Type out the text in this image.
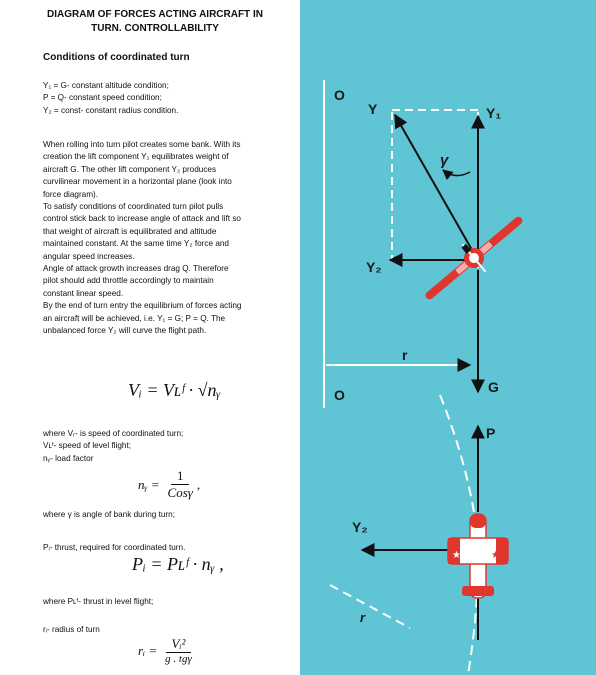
DIAGRAM OF FORCES ACTING AIRCRAFT IN
TURN. CONTROLLABILITY
Conditions of coordinated turn
Y₁ = G- constant altitude condition;
P = Q- constant speed condition;
Y₂ = const- constant radius condition.
When rolling into turn pilot creates some bank. With its
creation the lift component Y₁ equilibrates weight of
aircraft G. The other lift component Y₂ produces
curvilinear movement in a horizontal plane (look into
force diagram).
To satisfy conditions of coordinated turn pilot pulls
control stick back to increase angle of attack and lift so
that weight of aircraft is equilibrated and altitude
maintained constant. At the same time Y₂ force and
angular speed increases.
Angle of attack growth increases drag Q. Therefore
pilot should add throttle accordingly to maintain
constant linear speed.
By the end of turn entry the equilibrium of forces acting
an aircraft will be achieved, i.e. Y₁ = G; P = Q. The
unbalanced force Y₂ will curve the flight path.
Vᵢ = Vʟᶠ · √nᵧ
where Vᵣ- is speed of coordinated turn;
Vʟᶠ- speed of level flight;
nᵧ- load factor
nᵧ =
1
Cosγ
,
where γ is angle of bank during turn;
Pᵢ- thrust, required for coordinated turn.
Pᵢ = Pʟᶠ · nᵧ ,
where Pʟᶠ- thrust in level flight;
rᵢ- radius of turn
rᵢ =	Vᵢ²
g . tgγ
O
Y	Y₁
γ
Y₂
r
O	G
★
★
P
Y₂
r
